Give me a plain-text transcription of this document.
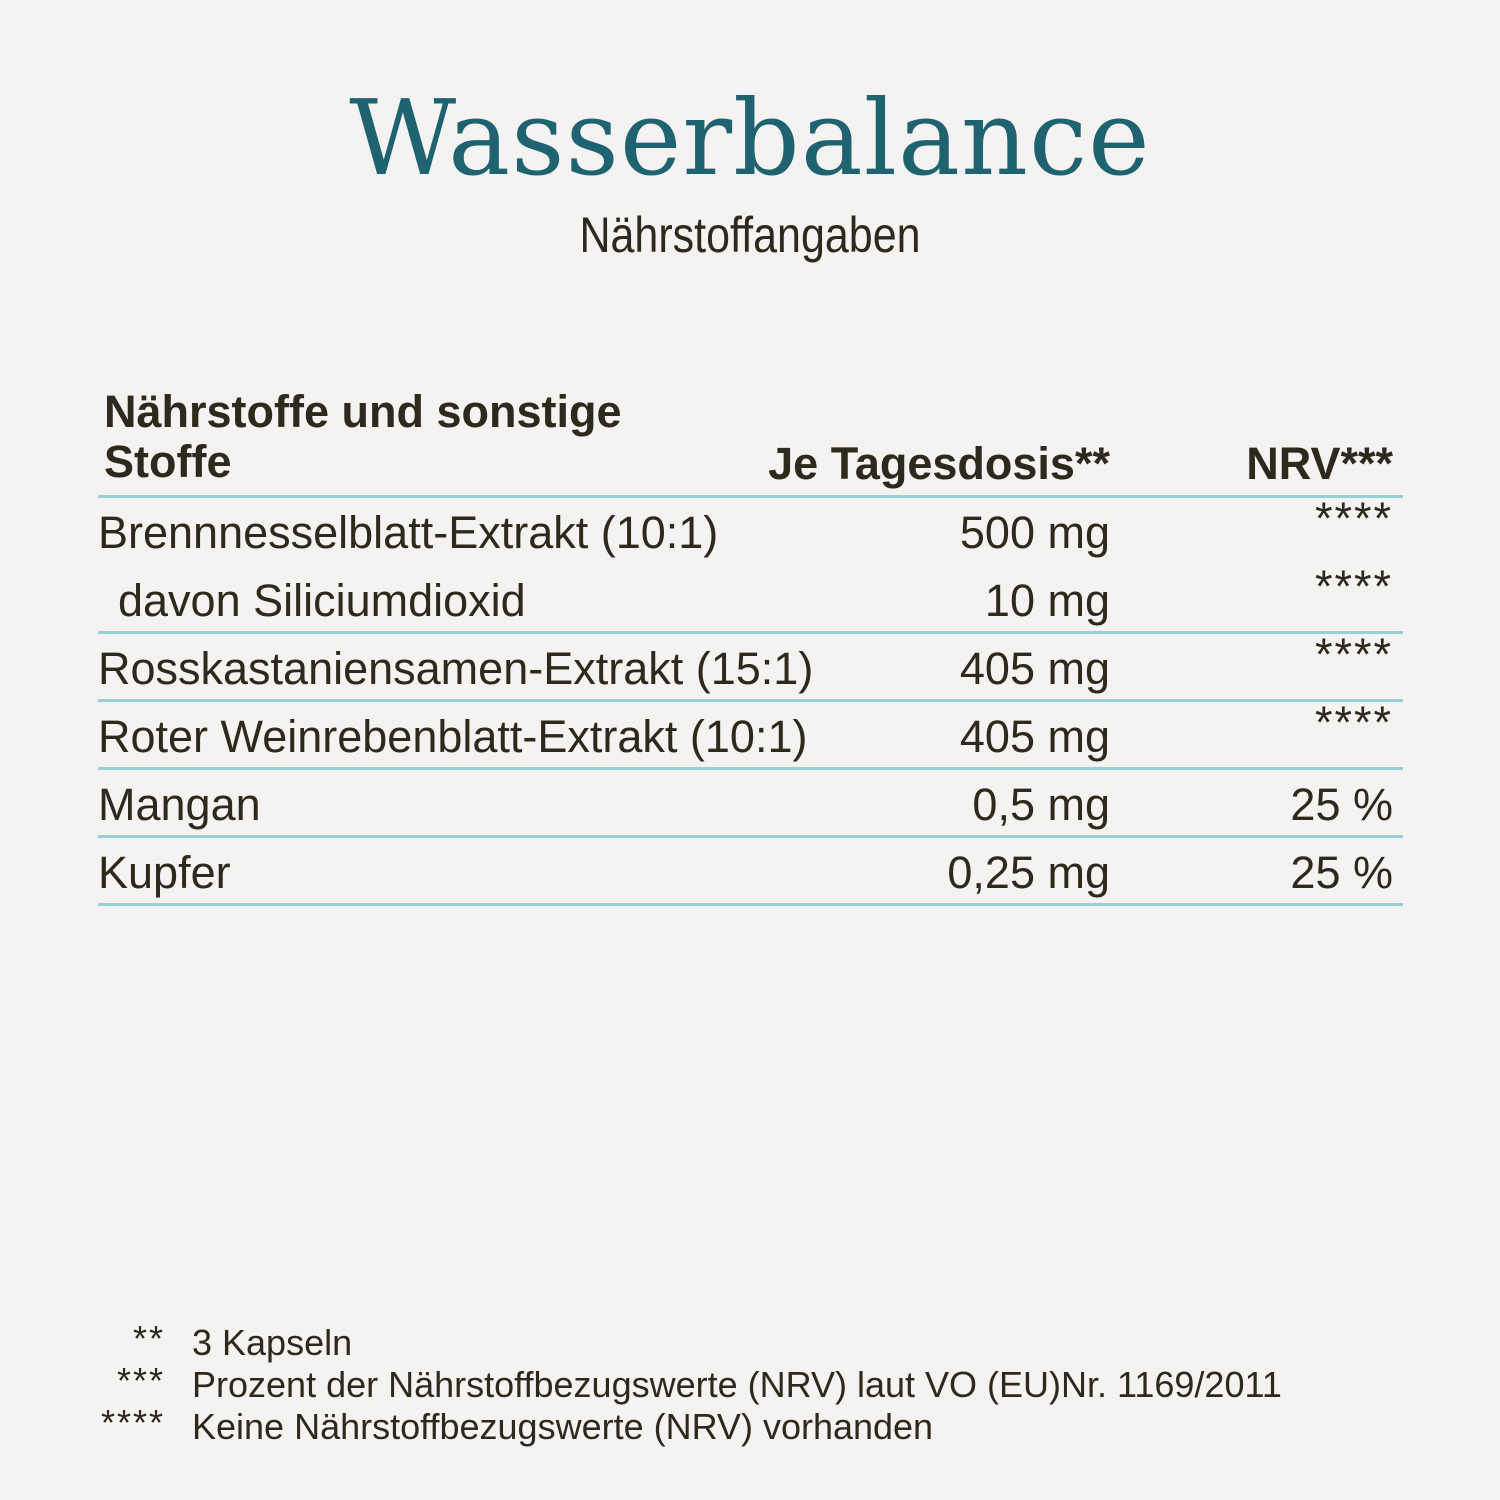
Wasserbalance
Nährstoffangaben
Nährstoffe und sonstige Stoffe	Je Tagesdosis**	NRV***
Brennnesselblatt-Extrakt (10:1)	500 mg	****
davon Siliciumdioxid	10 mg	****
Rosskastaniensamen-Extrakt (15:1)	405 mg	****
Roter Weinrebenblatt-Extrakt (10:1)	405 mg	****
Mangan	0,5 mg	25 %
Kupfer	0,25 mg	25 %
** 3 Kapseln
*** Prozent der Nährstoffbezugswerte (NRV) laut VO (EU)Nr. 1169/2011
**** Keine Nährstoffbezugswerte (NRV) vorhanden
